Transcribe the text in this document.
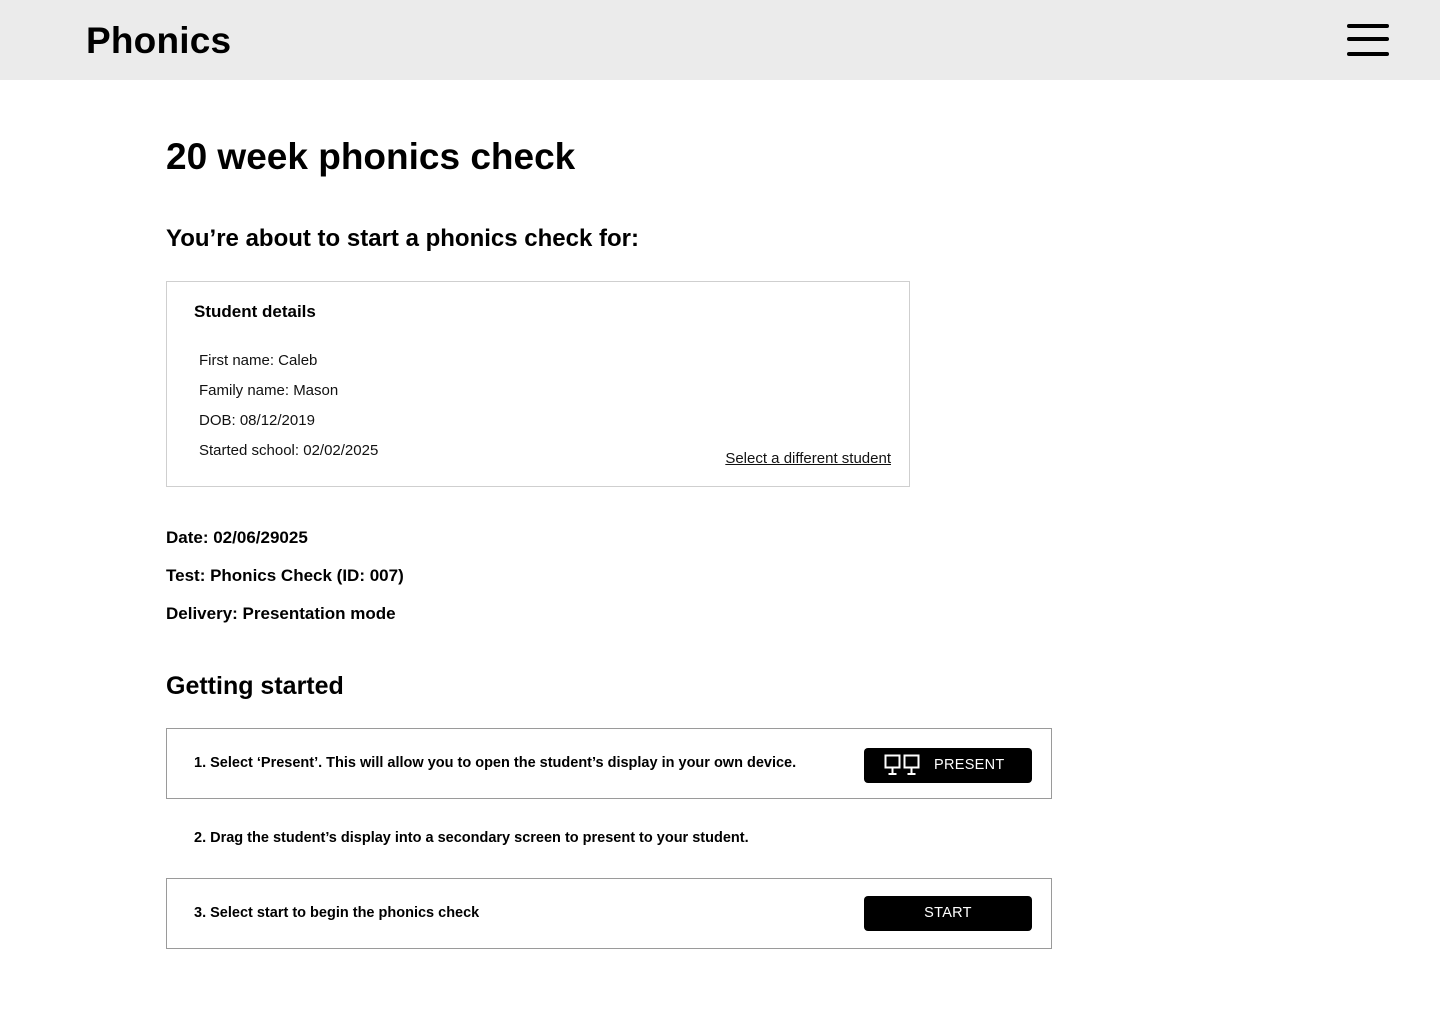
Phonics
20 week phonics check
You’re about to start a phonics check for:
Student details
First name: Caleb
Family name: Mason
DOB: 08/12/2019
Started school: 02/02/2025	Select a different student
Date: 02/06/29025
Test: Phonics Check (ID: 007)
Delivery: Presentation mode
Getting started
1. Select ‘Present’. This will allow you to open the student’s display in your own device.	PRESENT
2. Drag the student’s display into a secondary screen to present to your student.
3. Select start to begin the phonics check	START
